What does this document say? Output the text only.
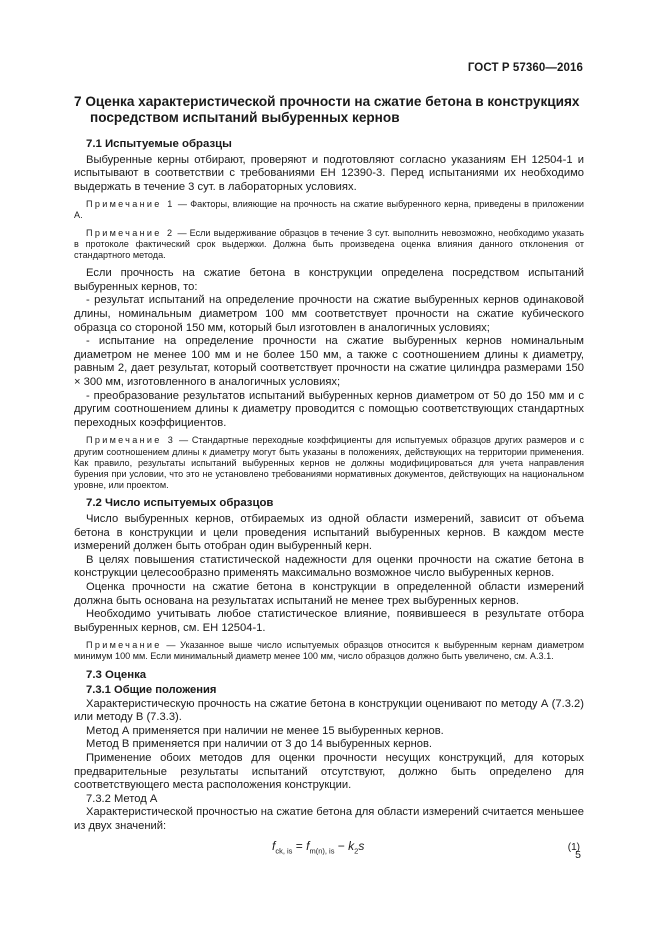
ГОСТ Р 57360—2016
7 Оценка характеристической прочности на сжатие бетона в конструкциях посредством испытаний выбуренных кернов
7.1 Испытуемые образцы

Выбуренные керны отбирают, проверяют и подготовляют согласно указаниям ЕН 12504-1 и испытывают в соответствии с требованиями ЕН 12390-3. Перед испытаниями их необходимо выдержать в течение 3 сут. в лабораторных условиях.

Примечание 1 — Факторы, влияющие на прочность на сжатие выбуренного керна, приведены в приложении А.
Примечание 2 — Если выдерживание образцов в течение 3 сут. выполнить невозможно, необходимо указать в протоколе фактический срок выдержки. Должна быть произведена оценка влияния данного отклонения от стандартного метода.

Если прочность на сжатие бетона в конструкции определена посредством испытаний выбуренных кернов, то:

- результат испытаний на определение прочности на сжатие выбуренных кернов одинаковой длины, номинальным диаметром 100 мм соответствует прочности на сжатие кубического образца со стороной 150 мм, который был изготовлен в аналогичных условиях;

- испытание на определение прочности на сжатие выбуренных кернов номинальным диаметром не менее 100 мм и не более 150 мм, а также с соотношением длины к диаметру, равным 2, дает результат, который соответствует прочности на сжатие цилиндра размерами 150 × 300 мм, изготовленного в аналогичных условиях;

- преобразование результатов испытаний выбуренных кернов диаметром от 50 до 150 мм и с другим соотношением длины к диаметру проводится с помощью соответствующих стандартных переходных коэффициентов.

Примечание 3 — Стандартные переходные коэффициенты для испытуемых образцов других размеров и с другим соотношением длины к диаметру могут быть указаны в положениях, действующих на территории применения. Как правило, результаты испытаний выбуренных кернов не должны модифицироваться для учета направления бурения при условии, что это не установлено требованиями нормативных документов, действующих на национальном уровне, или проектом.
7.2 Число испытуемых образцов

Число выбуренных кернов, отбираемых из одной области измерений, зависит от объема бетона в конструкции и цели проведения испытаний выбуренных кернов. В каждом месте измерений должен быть отобран один выбуренный керн.

В целях повышения статистической надежности для оценки прочности на сжатие бетона в конструкции целесообразно применять максимально возможное число выбуренных кернов.

Оценка прочности на сжатие бетона в конструкции в определенной области измерений должна быть основана на результатах испытаний не менее трех выбуренных кернов.

Необходимо учитывать любое статистическое влияние, появившееся в результате отбора выбуренных кернов, см. ЕН 12504-1.

Примечание — Указанное выше число испытуемых образцов относится к выбуренным кернам диаметром минимум 100 мм. Если минимальный диаметр менее 100 мм, число образцов должно быть увеличено, см. А.3.1.
7.3 Оценка
7.3.1 Общие положения

Характеристическую прочность на сжатие бетона в конструкции оценивают по методу А (7.3.2) или методу В (7.3.3).

Метод А применяется при наличии не менее 15 выбуренных кернов.

Метод В применяется при наличии от 3 до 14 выбуренных кернов.

Применение обоих методов для оценки прочности несущих конструкций, для которых предварительные результаты испытаний отсутствуют, должно быть определено для соответствующего места расположения конструкции.

7.3.2 Метод А

Характеристической прочностью на сжатие бетона для области измерений считается меньшее из двух значений:

$f_{ck, is} = f_{m(n), is} - k_2s$	(1)
5
